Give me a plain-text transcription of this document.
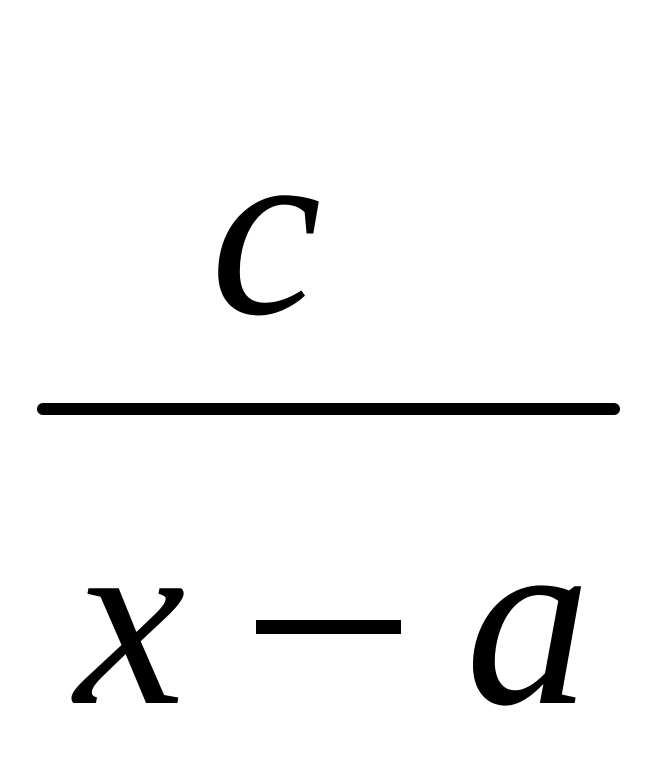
c
x a
